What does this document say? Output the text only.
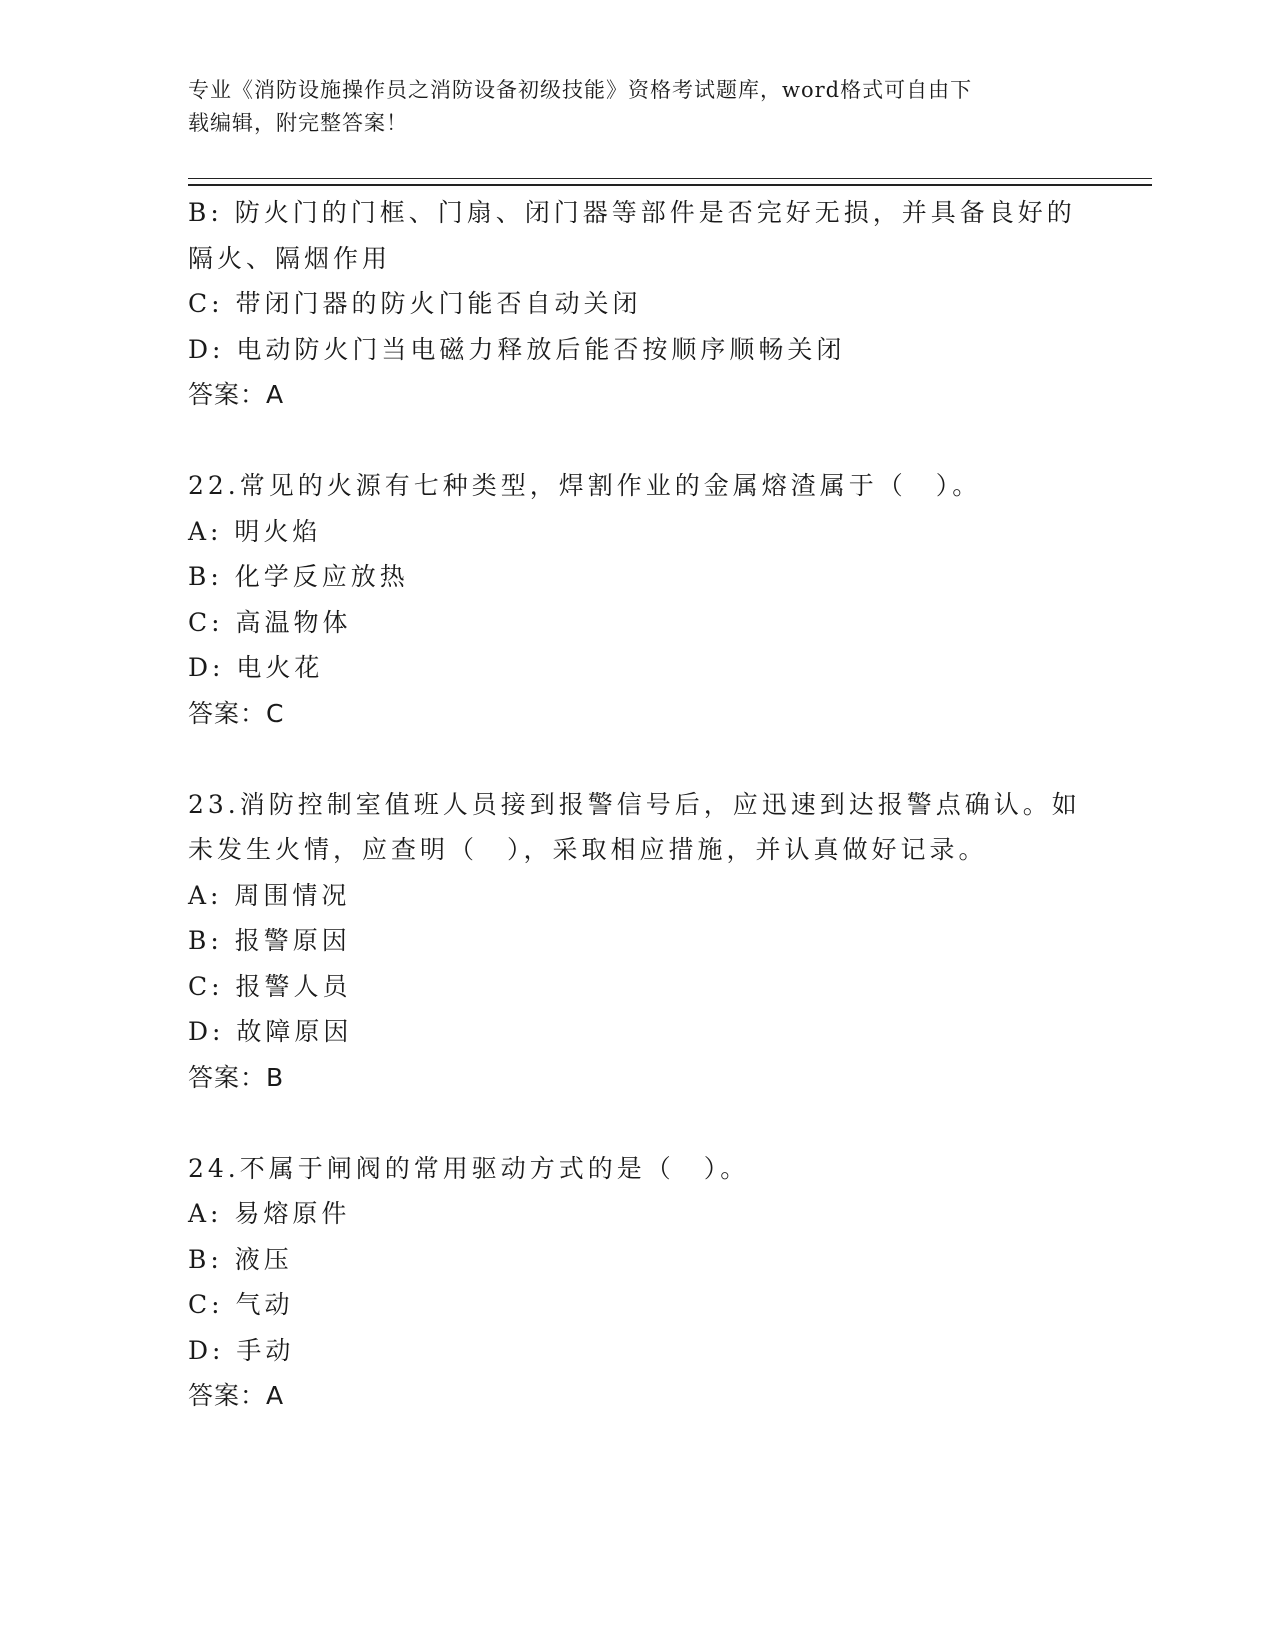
专业《消防设施操作员之消防设备初级技能》资格考试题库，word格式可自由下
载编辑，附完整答案！
B: 防火门的门框、门扇、闭门器等部件是否完好无损，并具备良好的
隔火、隔烟作用
C: 带闭门器的防火门能否自动关闭
D: 电动防火门当电磁力释放后能否按顺序顺畅关闭
答案：A
22.常见的火源有七种类型，焊割作业的金属熔渣属于（　）。
A: 明火焰
B: 化学反应放热
C: 高温物体
D: 电火花
答案：C
23.消防控制室值班人员接到报警信号后，应迅速到达报警点确认。如
未发生火情，应查明（　），采取相应措施，并认真做好记录。
A: 周围情况
B: 报警原因
C: 报警人员
D: 故障原因
答案：B
24.不属于闸阀的常用驱动方式的是（　）。
A: 易熔原件
B: 液压
C: 气动
D: 手动
答案：A
